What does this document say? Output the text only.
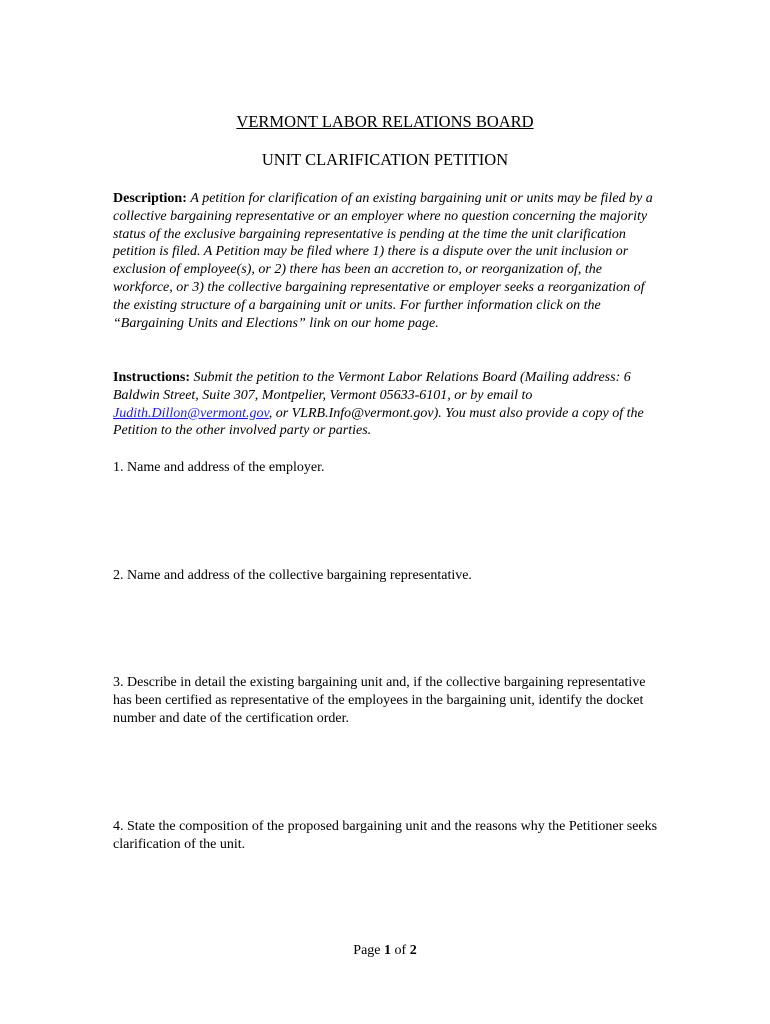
VERMONT LABOR RELATIONS BOARD
UNIT CLARIFICATION PETITION
Description: A petition for clarification of an existing bargaining unit or units may be filed by a collective bargaining representative or an employer where no question concerning the majority status of the exclusive bargaining representative is pending at the time the unit clarification petition is filed. A Petition may be filed where 1) there is a dispute over the unit inclusion or exclusion of employee(s), or 2) there has been an accretion to, or reorganization of, the workforce, or 3) the collective bargaining representative or employer seeks a reorganization of the existing structure of a bargaining unit or units. For further information click on the “Bargaining Units and Elections” link on our home page.
Instructions: Submit the petition to the Vermont Labor Relations Board (Mailing address: 6 Baldwin Street, Suite 307, Montpelier, Vermont 05633-6101, or by email to Judith.Dillon@vermont.gov, or VLRB.Info@vermont.gov). You must also provide a copy of the Petition to the other involved party or parties.
1. Name and address of the employer.
2. Name and address of the collective bargaining representative.
3. Describe in detail the existing bargaining unit and, if the collective bargaining representative has been certified as representative of the employees in the bargaining unit, identify the docket number and date of the certification order.
4. State the composition of the proposed bargaining unit and the reasons why the Petitioner seeks clarification of the unit.
Page 1 of 2
